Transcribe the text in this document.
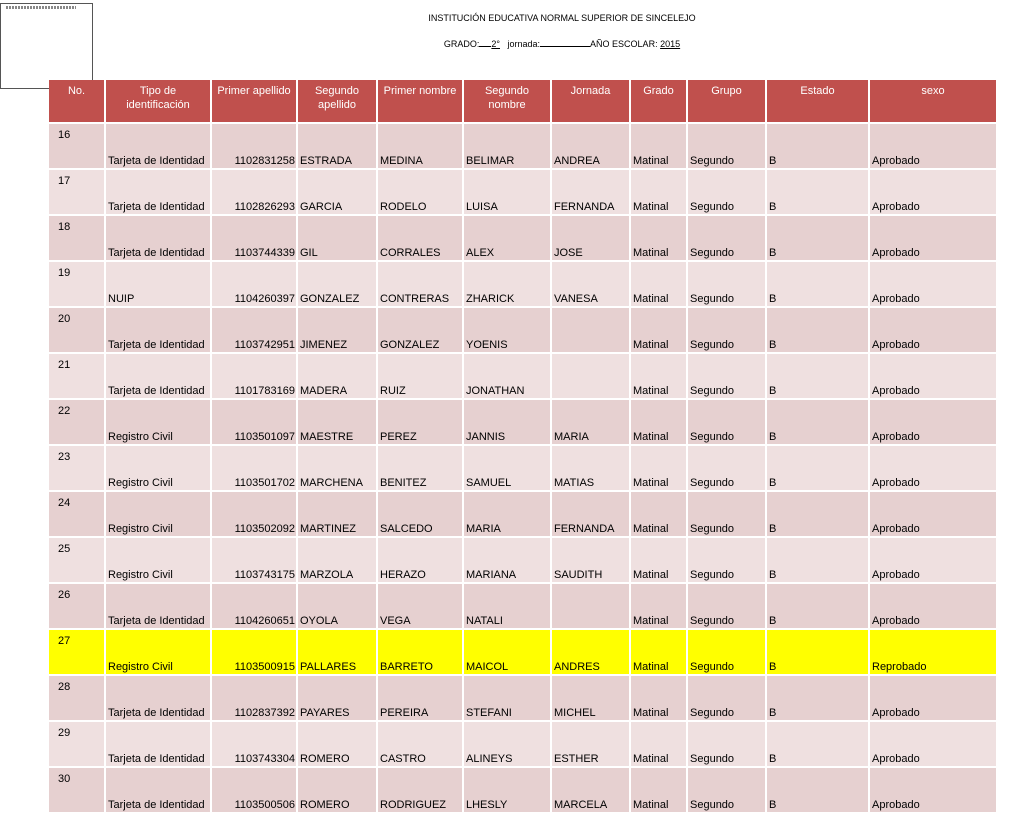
INSTITUCIÓN EDUCATIVA NORMAL SUPERIOR DE SINCELEJO
GRADO: 2° jornada:	AÑO ESCOLAR: 2015
No.	Tipo de identificación	Primer apellido	Segundo apellido	Primer nombre	Segundo nombre	Jornada	Grado	Grupo	Estado	sexo
16	Tarjeta de Identidad	1102831258	ESTRADA	MEDINA	BELIMAR	ANDREA	Matinal	Segundo	B	Aprobado
17	Tarjeta de Identidad	1102826293	GARCIA	RODELO	LUISA	FERNANDA	Matinal	Segundo	B	Aprobado
18	Tarjeta de Identidad	1103744339	GIL	CORRALES	ALEX	JOSE	Matinal	Segundo	B	Aprobado
19	NUIP	1104260397	GONZALEZ	CONTRERAS	ZHARICK	VANESA	Matinal	Segundo	B	Aprobado
20	Tarjeta de Identidad	1103742951	JIMENEZ	GONZALEZ	YOENIS		Matinal	Segundo	B	Aprobado
21	Tarjeta de Identidad	1101783169	MADERA	RUIZ	JONATHAN		Matinal	Segundo	B	Aprobado
22	Registro Civil	1103501097	MAESTRE	PEREZ	JANNIS	MARIA	Matinal	Segundo	B	Aprobado
23	Registro Civil	1103501702	MARCHENA	BENITEZ	SAMUEL	MATIAS	Matinal	Segundo	B	Aprobado
24	Registro Civil	1103502092	MARTINEZ	SALCEDO	MARIA	FERNANDA	Matinal	Segundo	B	Aprobado
25	Registro Civil	1103743175	MARZOLA	HERAZO	MARIANA	SAUDITH	Matinal	Segundo	B	Aprobado
26	Tarjeta de Identidad	1104260651	OYOLA	VEGA	NATALI		Matinal	Segundo	B	Aprobado
27	Registro Civil	1103500915	PALLARES	BARRETO	MAICOL	ANDRES	Matinal	Segundo	B	Reprobado
28	Tarjeta de Identidad	1102837392	PAYARES	PEREIRA	STEFANI	MICHEL	Matinal	Segundo	B	Aprobado
29	Tarjeta de Identidad	1103743304	ROMERO	CASTRO	ALINEYS	ESTHER	Matinal	Segundo	B	Aprobado
30	Tarjeta de Identidad	1103500506	ROMERO	RODRIGUEZ	LHESLY	MARCELA	Matinal	Segundo	B	Aprobado
